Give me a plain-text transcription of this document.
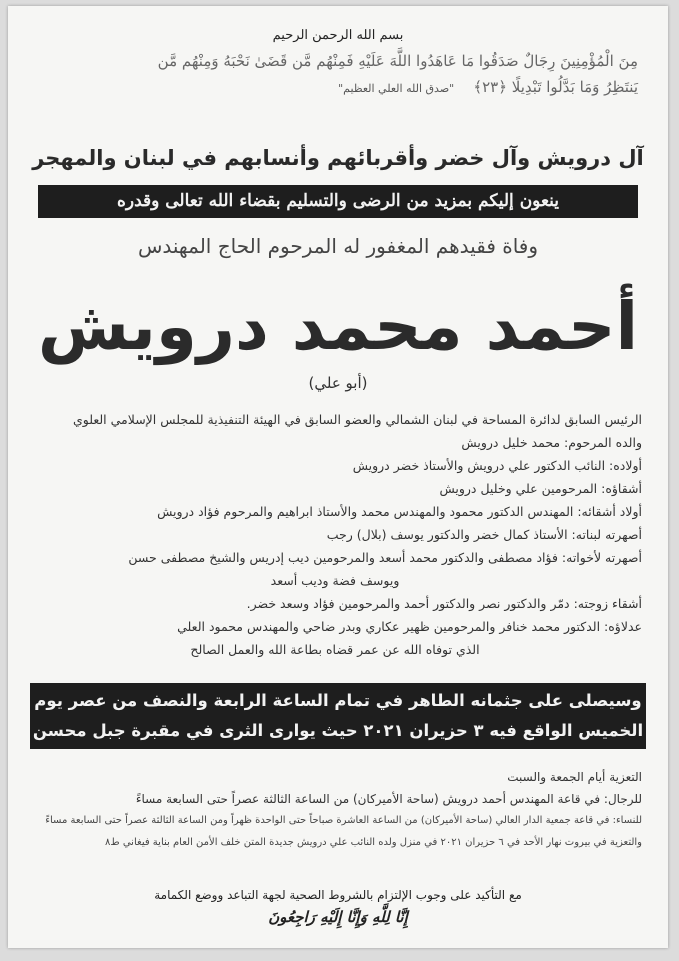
بسم الله الرحمن الرحيم
مِنَ الْمُؤْمِنِينَ رِجَالٌ صَدَقُوا مَا عَاهَدُوا اللَّهَ عَلَيْهِ فَمِنْهُم مَّن قَضَىٰ نَحْبَهُ وَمِنْهُم مَّن
يَنتَظِرُ وَمَا بَدَّلُوا تَبْدِيلًا ﴿٢٣﴾    "صدق الله العلي العظيم"
آل درويش وآل خضر وأقربائهم وأنسابهم في لبنان والمهجر
ينعون إليكم بمزيد من الرضى والتسليم بقضاء الله تعالى وقدره
وفاة فقيدهم المغفور له المرحوم الحاج المهندس
أحمد محمد درويش
(أبو علي)
الرئيس السابق لدائرة المساحة في لبنان الشمالي والعضو السابق في الهيئة التنفيذية للمجلس الإسلامي العلوي
والده المرحوم: محمد خليل درويش
أولاده: النائب الدكتور علي درويش والأستاذ خضر درويش
أشقاؤه: المرحومين علي وخليل درويش
أولاد أشقائه: المهندس الدكتور محمود والمهندس محمد والأستاذ ابراهيم والمرحوم فؤاد درويش
أصهرته لبناته: الأستاذ كمال خضر والدكتور يوسف (بلال) رجب
أصهرته لأخواته: فؤاد مصطفى والدكتور محمد أسعد والمرحومين ديب إدريس والشيخ مصطفى حسن
ويوسف فضة وديب أسعد
أشقاء زوجته: دمّر والدكتور نصر والدكتور أحمد والمرحومين فؤاد وسعد خضر.
عدلاؤه: الدكتور محمد خنافر والمرحومين ظهير عكاري وبدر ضاحي والمهندس محمود العلي
الذي توفاه الله عن عمر قضاه بطاعة الله والعمل الصالح
وسيصلى على جثمانه الطاهر في تمام الساعة الرابعة والنصف من عصر يوم
الخميس الواقع فيه ٣ حزيران ٢٠٢١ حيث يوارى الثرى في مقبرة جبل محسن
التعزية أيام الجمعة والسبت
للرجال: في قاعة المهندس أحمد درويش (ساحة الأميركان) من الساعة الثالثة عصراً حتى السابعة مساءً
للنساء: في قاعة جمعية الدار العالي (ساحة الأميركان) من الساعة العاشرة صباحاً حتى الواحدة ظهراً ومن الساعة الثالثة عصراً حتى السابعة مساءً
والتعزية في بيروت نهار الأحد في ٦ حزيران ٢٠٢١ في منزل ولده النائب علي درويش جديدة المتن خلف الأمن العام بناية فيغاني ط٨
مع التأكيد على وجوب الإلتزام بالشروط الصحية لجهة التباعد ووضع الكمامة
إِنَّا لِلَّهِ وَإِنَّا إِلَيْهِ رَاجِعُونَ
